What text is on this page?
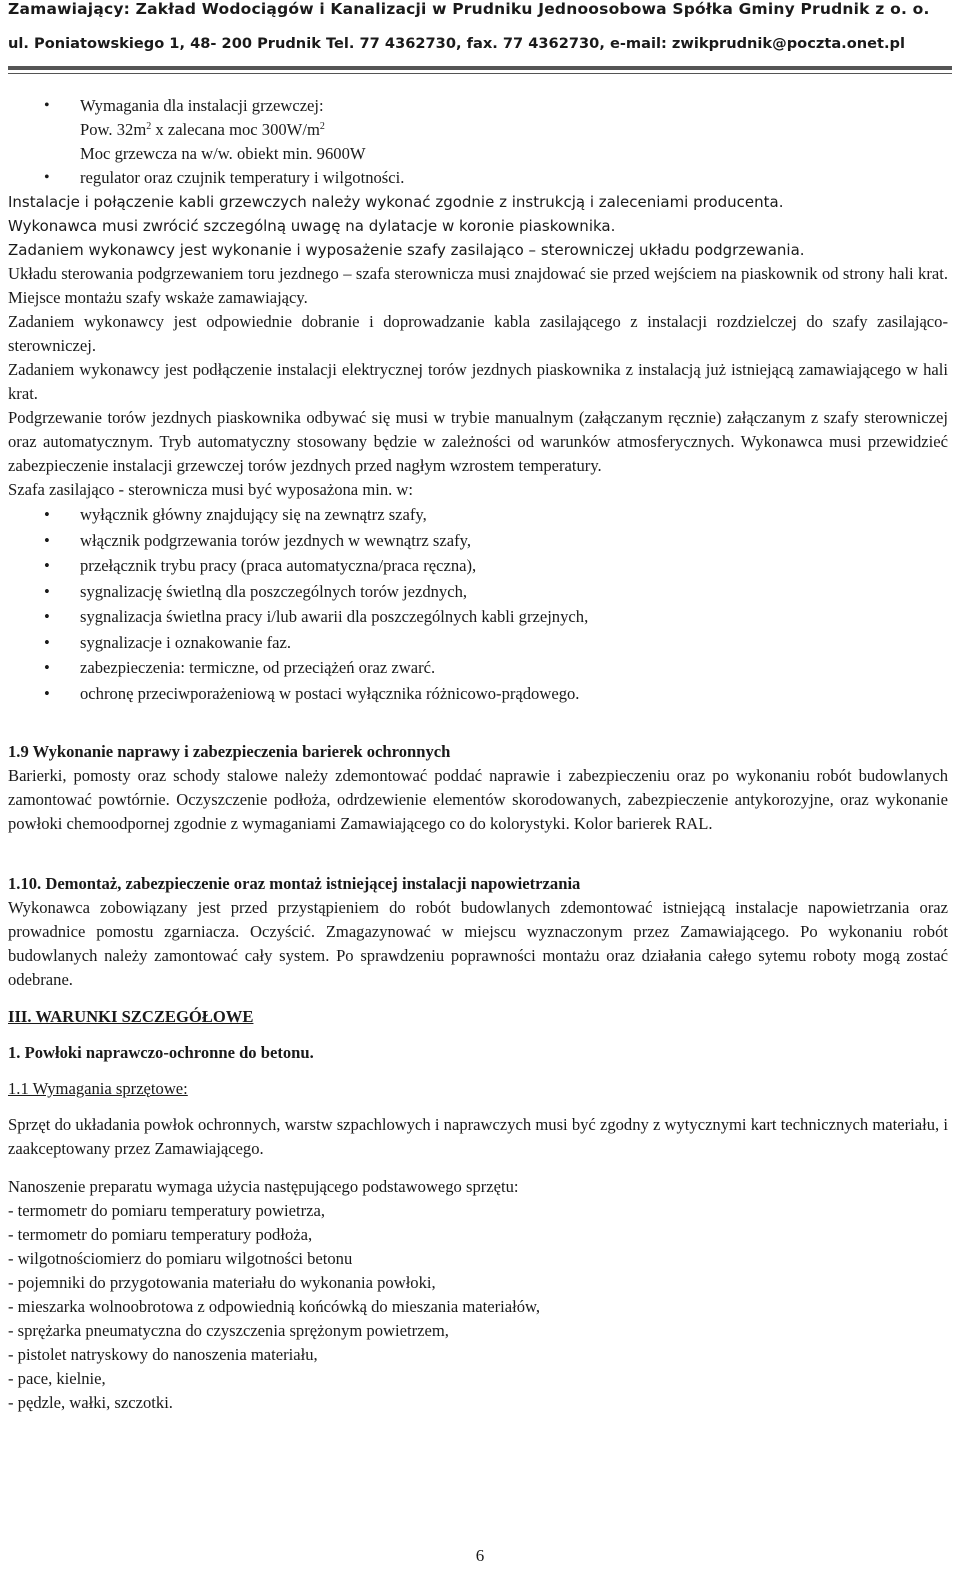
Zamawiający: Zakład Wodociągów i Kanalizacji w Prudniku Jednoosobowa Spółka Gminy Prudnik z o. o.
ul. Poniatowskiego 1, 48- 200 Prudnik Tel. 77 4362730, fax. 77 4362730, e-mail: zwikprudnik@poczta.onet.pl

• Wymagania dla instalacji grzewczej:

Pow. $32m^2$ x zalecana moc $300W/m^2$

Moc grzewcza na w/w. obiekt min. 9600W

• regulator oraz czujnik temperatury i wilgotności.

Instalacje i połączenie kabli grzewczych należy wykonać zgodnie z instrukcją i zaleceniami producenta.

Wykonawca musi zwrócić szczególną uwagę na dylatacje w koronie piaskownika.

Zadaniem wykonawcy jest wykonanie i wyposażenie szafy zasilająco – sterowniczej układu podgrzewania.

Układu sterowania podgrzewaniem toru jezdnego – szafa sterownicza musi znajdować sie przed wejściem na piaskownik od strony hali krat. Miejsce montażu szafy wskaże zamawiający.

Zadaniem wykonawcy jest odpowiednie dobranie i doprowadzanie kabla zasilającego z instalacji rozdzielczej do szafy zasilająco-sterowniczej.

Zadaniem wykonawcy jest podłączenie instalacji elektrycznej torów jezdnych piaskownika z instalacją już istniejącą zamawiającego w hali krat.

Podgrzewanie torów jezdnych piaskownika odbywać się musi w trybie manualnym (załączanym ręcznie) załączanym z szafy sterowniczej oraz automatycznym. Tryb automatyczny stosowany będzie w zależności od warunków atmosferycznych. Wykonawca musi przewidzieć zabezpieczenie instalacji grzewczej torów jezdnych przed nagłym wzrostem temperatury.

Szafa zasilająco - sterownicza musi być wyposażona min. w:

• wyłącznik główny znajdujący się na zewnątrz szafy,
• włącznik podgrzewania torów jezdnych w wewnątrz szafy,
• przełącznik trybu pracy (praca automatyczna/praca ręczna),
• sygnalizację świetlną dla poszczególnych torów jezdnych,
• sygnalizacja świetlna pracy i/lub awarii dla poszczególnych kabli grzejnych,
• sygnalizacje i oznakowanie faz.
• zabezpieczenia: termiczne, od przeciążeń oraz zwarć.
• ochronę przeciwporażeniową w postaci wyłącznika różnicowo-prądowego.

1.9 Wykonanie naprawy i zabezpieczenia barierek ochronnych

Barierki, pomosty oraz schody stalowe należy zdemontować poddać naprawie i zabezpieczeniu oraz po wykonaniu robót budowlanych zamontować powtórnie. Oczyszczenie podłoża, odrdzewienie elementów skorodowanych, zabezpieczenie antykorozyjne, oraz wykonanie powłoki chemoodpornej zgodnie z wymaganiami Zamawiającego co do kolorystyki. Kolor barierek RAL.

1.10. Demontaż, zabezpieczenie oraz montaż istniejącej instalacji napowietrzania

Wykonawca zobowiązany jest przed przystąpieniem do robót budowlanych zdemontować istniejącą instalacje napowietrzania oraz prowadnice pomostu zgarniacza. Oczyścić. Zmagazynować w miejscu wyznaczonym przez Zamawiającego. Po wykonaniu robót budowlanych należy zamontować cały system. Po sprawdzeniu poprawności montażu oraz działania całego sytemu roboty mogą zostać odebrane.

III. WARUNKI SZCZEGÓŁOWE

1. Powłoki naprawczo-ochronne do betonu.

1.1 Wymagania sprzętowe:

Sprzęt do układania powłok ochronnych, warstw szpachlowych i naprawczych musi być zgodny z wytycznymi kart technicznych materiału, i zaakceptowany przez Zamawiającego.

Nanoszenie preparatu wymaga użycia następującego podstawowego sprzętu:

- termometr do pomiaru temperatury powietrza,

- termometr do pomiaru temperatury podłoża,

- wilgotnościomierz do pomiaru wilgotności betonu

- pojemniki do przygotowania materiału do wykonania powłoki,

- mieszarka wolnoobrotowa z odpowiednią końcówką do mieszania materiałów,

- sprężarka pneumatyczna do czyszczenia sprężonym powietrzem,

- pistolet natryskowy do nanoszenia materiału,

- pace, kielnie,

- pędzle, wałki, szczotki.

6
